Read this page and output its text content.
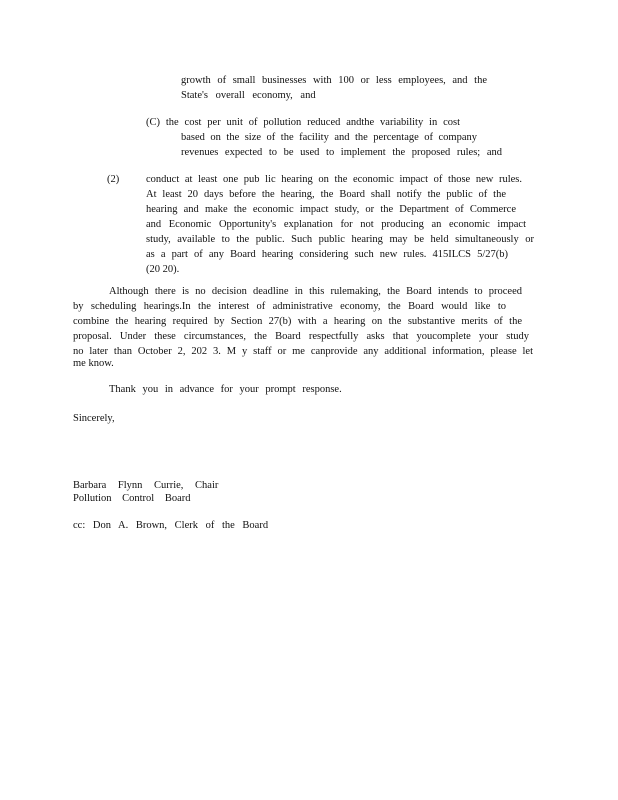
growth of small businesses with 100 or less employees, and the
State's overall economy, and
(C) the cost per unit of pollution reduced andthe variability in cost
based on the size of the facility and the percentage of company
revenues expected to be used to implement the proposed rules; and
(2)	conduct at least one pub lic hearing on the economic impact of those new rules.
At least 20 days before the hearing, the Board shall notify the public of the
hearing and make the economic impact study, or the Department of Commerce
and Economic Opportunity's explanation for not producing an economic impact
study, available to the public. Such public hearing may be held simultaneously or
as a part of any Board hearing considering such new rules. 415ILCS 5/27(b)
(20 20).
Although there is no decision deadline in this rulemaking, the Board intends to proceed
by scheduling hearings.In the interest of administrative economy, the Board would like to
combine the hearing required by Section 27(b) with a hearing on the substantive merits of the
proposal. Under these circumstances, the Board respectfully asks that youcomplete your study
no later than October 2, 202 3. M y staff or me canprovide any additional information, please let
me know.
Thank you in advance for your prompt response.
Sincerely,
Barbara Flynn Currie, Chair
Pollution Control Board
cc: Don A. Brown, Clerk of the Board
